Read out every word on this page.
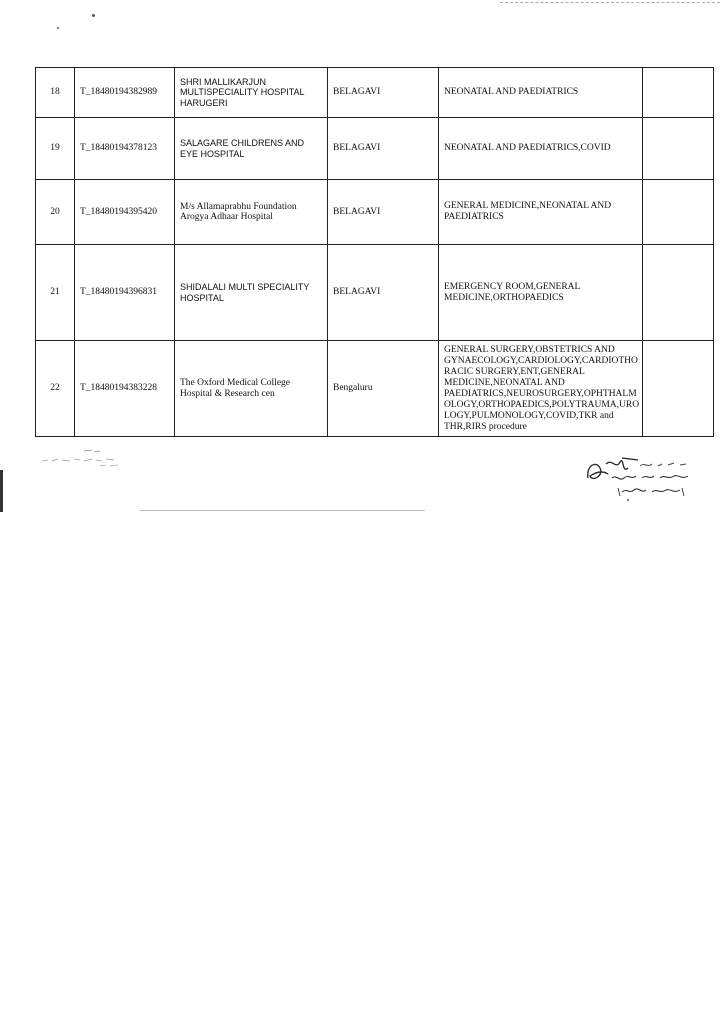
18	T_18480194382989	SHRI MALLIKARJUN MULTISPECIALITY HOSPITAL HARUGERI	BELAGAVI	NEONATAL AND PAEDIATRICS	
19	T_18480194378123	SALAGARE CHILDRENS AND EYE HOSPITAL	BELAGAVI	NEONATAL AND PAEDIATRICS,COVID	
20	T_18480194395420	M/s Allamaprabhu Foundation Arogya Adhaar Hospital	BELAGAVI	GENERAL MEDICINE,NEONATAL AND PAEDIATRICS	
21	T_18480194396831	SHIDALALI MULTI SPECIALITY HOSPITAL	BELAGAVI	EMERGENCY ROOM,GENERAL MEDICINE,ORTHOPAEDICS	
22	T_18480194383228	The Oxford Medical College Hospital & Research cen	Bengaluru	GENERAL SURGERY,OBSTETRICS AND GYNAECOLOGY,CARDIOLOGY,CARDIOTHO RACIC SURGERY,ENT,GENERAL MEDICINE,NEONATAL AND PAEDIATRICS,NEUROSURGERY,OPHTHALM OLOGY,ORTHOPAEDICS,POLYTRAUMA,URO LOGY,PULMONOLOGY,COVID,TKR and THR,RIRS procedure	
